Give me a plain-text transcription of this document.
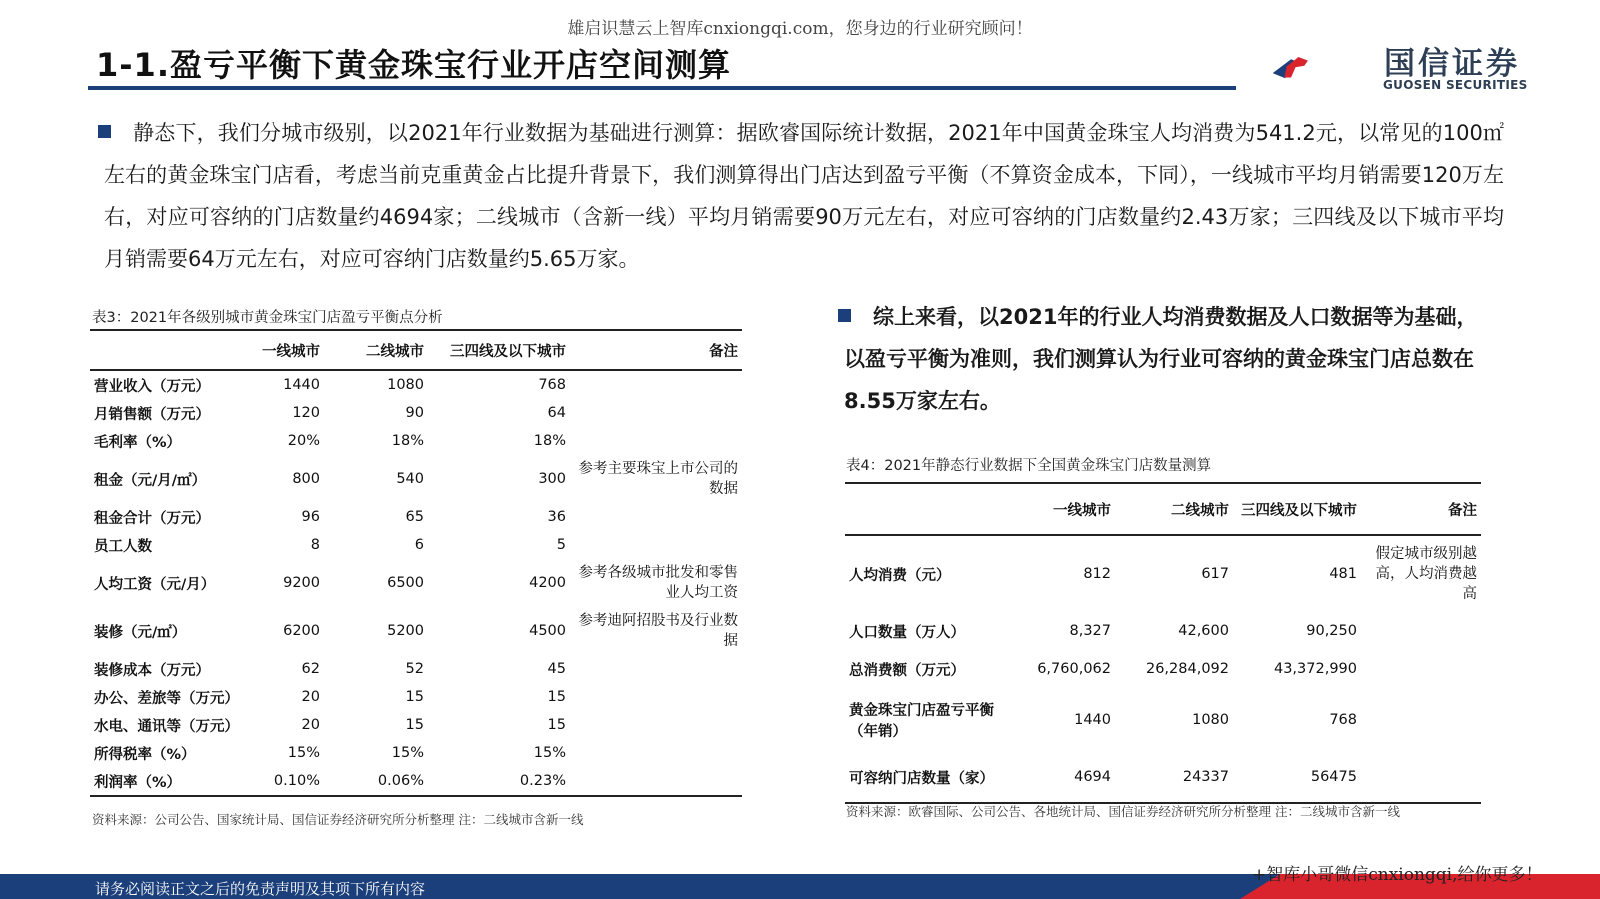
雄启识慧云上智库cnxiongqi.com，您身边的行业研究顾问！
1-1.盈亏平衡下黄金珠宝行业开店空间测算	国信证券
GUOSEN SECURITIES
静态下，我们分城市级别，以2021年行业数据为基础进行测算：据欧睿国际统计数据，2021年中国黄金珠宝人均消费为541.2元，以常见的100㎡左右的黄金珠宝门店看，考虑当前克重黄金占比提升背景下，我们测算得出门店达到盈亏平衡（不算资金成本，下同），一线城市平均月销需要120万左右，对应可容纳的门店数量约4694家；二线城市（含新一线）平均月销需要90万元左右，对应可容纳的门店数量约2.43万家；三四线及以下城市平均月销需要64万元左右，对应可容纳门店数量约5.65万家。
表3：2021年各级别城市黄金珠宝门店盈亏平衡点分析
	一线城市	二线城市	三四线及以下城市	备注

营业收入（万元）	1440	1080	768	
月销售额（万元）	120	90	64	
毛利率（%）	20%	18%	18%	
租金（元/月/㎡）	800	540	300	参考主要珠宝上市公司的数据
租金合计（万元）	96	65	36	
员工人数	8	6	5	
人均工资（元/月）	9200	6500	4200	参考各级城市批发和零售业人均工资
装修（元/㎡）	6200	5200	4500	参考迪阿招股书及行业数据
装修成本（万元）	62	52	45	
办公、差旅等（万元）	20	15	15	
水电、通讯等（万元）	20	15	15	
所得税率（%）	15%	15%	15%	
利润率（%）	0.10%	0.06%	0.23%	

资料来源：公司公告、国家统计局、国信证券经济研究所分析整理 注：二线城市含新一线
综上来看，以2021年的行业人均消费数据及人口数据等为基础，以盈亏平衡为准则，我们测算认为行业可容纳的黄金珠宝门店总数在8.55万家左右。
表4：2021年静态行业数据下全国黄金珠宝门店数量测算
	一线城市	二线城市	三四线及以下城市	备注

人均消费（元）	812	617	481	假定城市级别越高，人均消费越高
人口数量（万人）	8,327	42,600	90,250	
总消费额（万元）	6,760,062	26,284,092	43,372,990	
黄金珠宝门店盈亏平衡（年销）	1440	1080	768	
可容纳门店数量（家）	4694	24337	56475	

资料来源：欧睿国际、公司公告、各地统计局、国信证券经济研究所分析整理 注：二线城市含新一线
请务必阅读正文之后的免责声明及其项下所有内容
+智库小哥微信cnxiongqi,给你更多！
